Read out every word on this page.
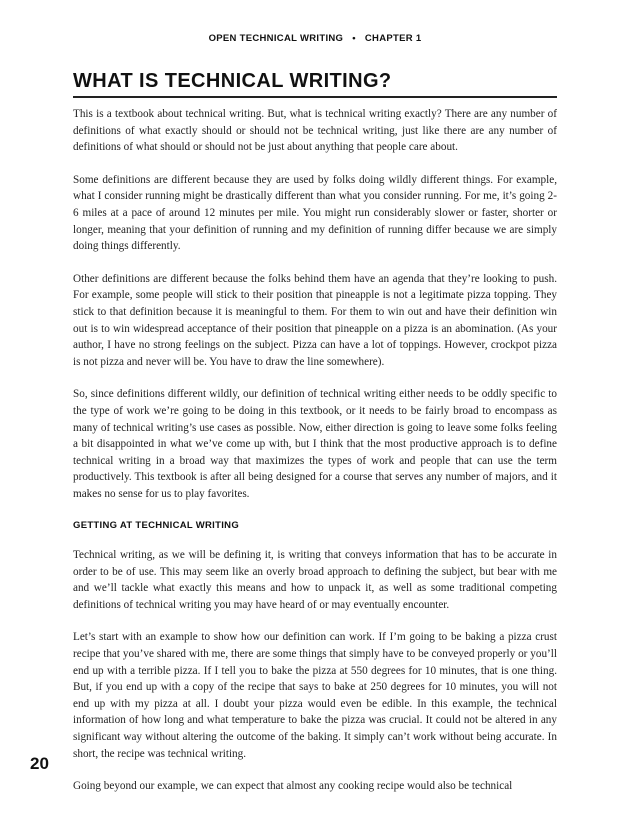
OPEN TECHNICAL WRITING • CHAPTER 1
WHAT IS TECHNICAL WRITING?

This is a textbook about technical writing. But, what is technical writing exactly? There are any number of definitions of what exactly should or should not be technical writing, just like there are any number of definitions of what should or should not be just about anything that people care about.

Some definitions are different because they are used by folks doing wildly different things. For example, what I consider running might be drastically different than what you consider running. For me, it’s going 2-6 miles at a pace of around 12 minutes per mile. You might run considerably slower or faster, shorter or longer, meaning that your definition of running and my definition of running differ because we are simply doing things differently.

Other definitions are different because the folks behind them have an agenda that they’re looking to push. For example, some people will stick to their position that pineapple is not a legitimate pizza topping. They stick to that definition because it is meaningful to them. For them to win out and have their definition win out is to win widespread acceptance of their position that pineapple on a pizza is an abomination. (As your author, I have no strong feelings on the subject. Pizza can have a lot of toppings. However, crockpot pizza is not pizza and never will be. You have to draw the line somewhere).

So, since definitions different wildly, our definition of technical writing either needs to be oddly specific to the type of work we’re going to be doing in this textbook, or it needs to be fairly broad to encompass as many of technical writing’s use cases as possible. Now, either direction is going to leave some folks feeling a bit disappointed in what we’ve come up with, but I think that the most productive approach is to define technical writing in a broad way that maximizes the types of work and people that can use the term productively. This textbook is after all being designed for a course that serves any number of majors, and it makes no sense for us to play favorites.

GETTING AT TECHNICAL WRITING

Technical writing, as we will be defining it, is writing that conveys information that has to be accurate in order to be of use. This may seem like an overly broad approach to defining the subject, but bear with me and we’ll tackle what exactly this means and how to unpack it, as well as some traditional competing definitions of technical writing you may have heard of or may eventually encounter.

Let’s start with an example to show how our definition can work. If I’m going to be baking a pizza crust recipe that you’ve shared with me, there are some things that simply have to be conveyed properly or you’ll end up with a terrible pizza. If I tell you to bake the pizza at 550 degrees for 10 minutes, that is one thing. But, if you end up with a copy of the recipe that says to bake at 250 degrees for 10 minutes, you will not end up with my pizza at all. I doubt your pizza would even be edible. In this example, the technical information of how long and what temperature to bake the pizza was crucial. It could not be altered in any significant way without altering the outcome of the baking. It simply can’t work without being accurate. In short, the recipe was technical writing.

Going beyond our example, we can expect that almost any cooking recipe would also be technical

20
